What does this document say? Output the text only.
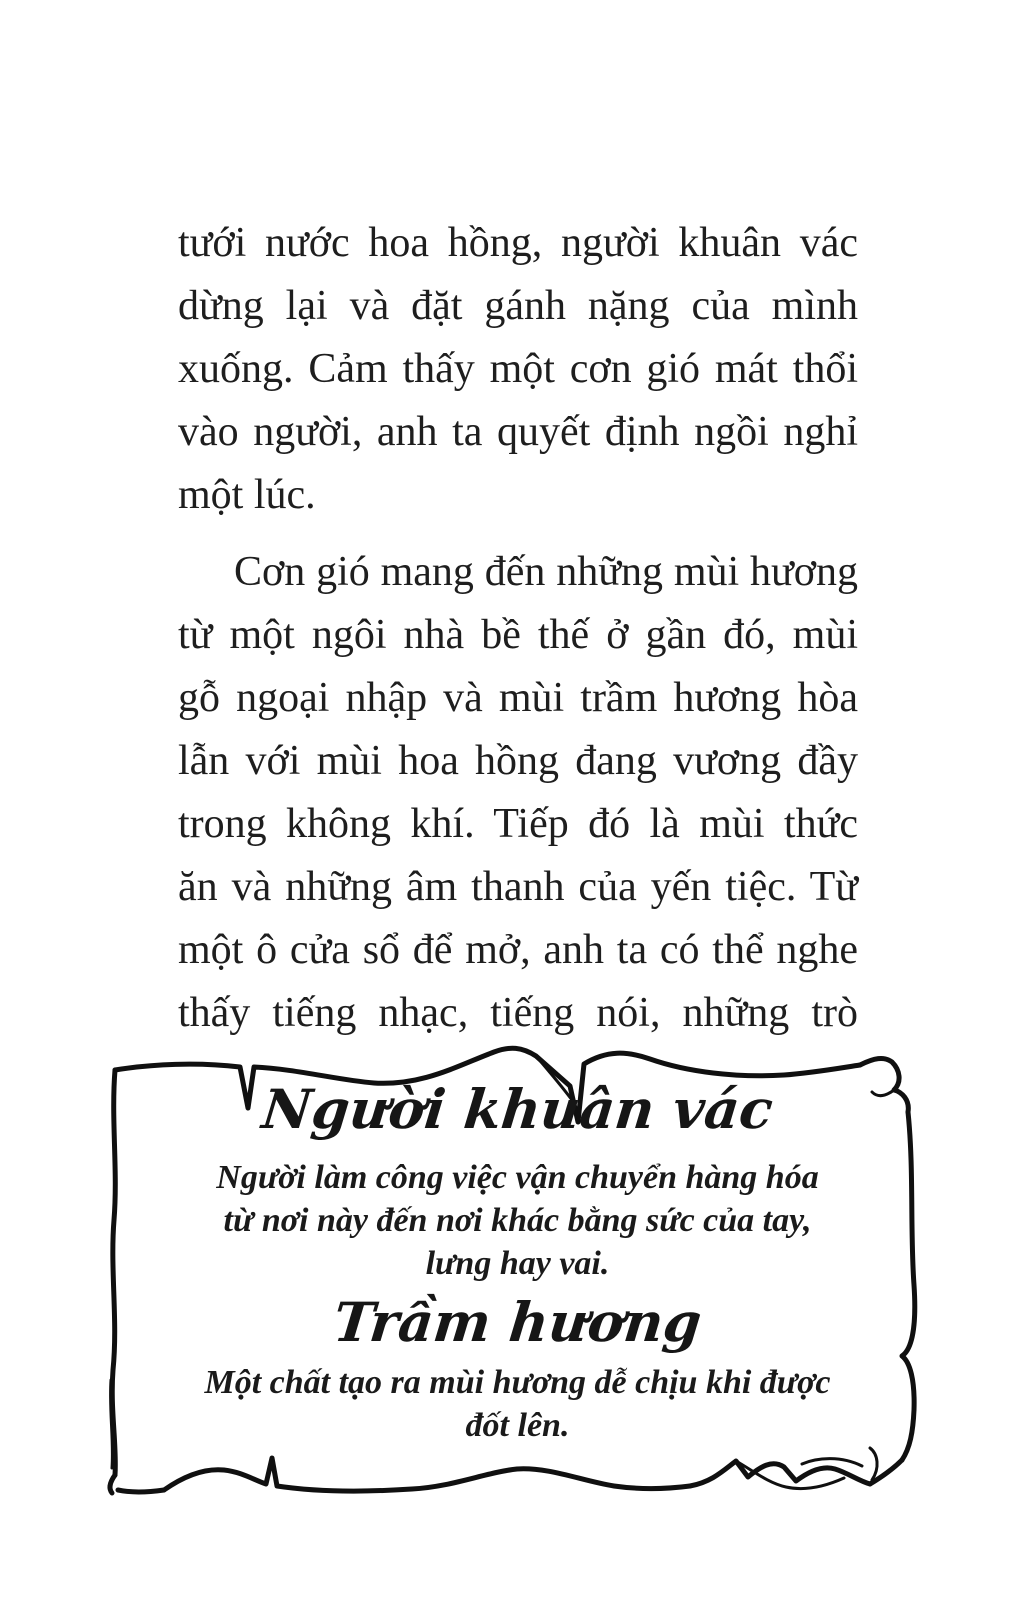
tưới nước hoa hồng, người khuân vác
dừng lại và đặt gánh nặng của mình
xuống. Cảm thấy một cơn gió mát thổi
vào người, anh ta quyết định ngồi nghỉ
một lúc.
Cơn gió mang đến những mùi hương
từ một ngôi nhà bề thế ở gần đó, mùi
gỗ ngoại nhập và mùi trầm hương hòa
lẫn với mùi hoa hồng đang vương đầy
trong không khí. Tiếp đó là mùi thức
ăn và những âm thanh của yến tiệc. Từ
một ô cửa sổ để mở, anh ta có thể nghe
thấy tiếng nhạc, tiếng nói, những trò
Người khuân vác
Người làm công việc vận chuyển hàng hóa
từ nơi này đến nơi khác bằng sức của tay,
lưng hay vai.
Trầm hương
Một chất tạo ra mùi hương dễ chịu khi được
đốt lên.
